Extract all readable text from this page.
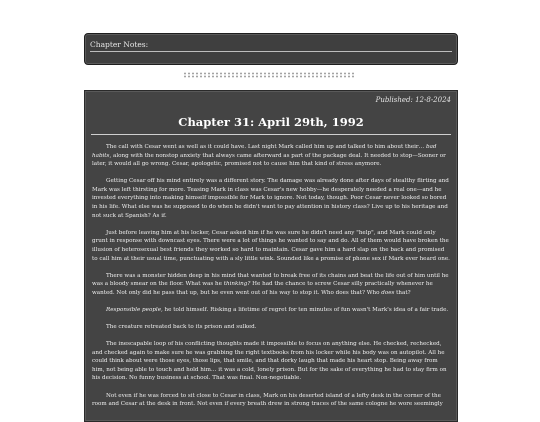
Chapter Notes:
Published: 12-8-2024
Chapter 31: April 29th, 1992

The call with Cesar went as well as it could have. Last night Mark called him up and talked to him about their… bad habits, along with the nonstop anxiety that always came afterward as part of the package deal. It needed to stop—Sooner or later, it would all go wrong. Cesar, apologetic, promised not to cause him that kind of stress anymore.

Getting Cesar off his mind entirely was a different story. The damage was already done after days of stealthy flirting and Mark was left thirsting for more. Teasing Mark in class was Cesar's new hobby—he desperately needed a real one—and he invested everything into making himself impossible for Mark to ignore. Not today, though. Poor Cesar never looked so bored in his life. What else was he supposed to do when he didn't want to pay attention in history class? Live up to his heritage and not suck at Spanish? As if.

Just before leaving him at his locker, Cesar asked him if he was sure he didn't need any "help", and Mark could only grunt in response with downcast eyes. There were a lot of things he wanted to say and do. All of them would have broken the illusion of heterosexual best friends they worked so hard to maintain. Cesar gave him a hard slap on the back and promised to call him at their usual time, punctuating with a sly little wink. Sounded like a promise of phone sex if Mark ever heard one.

There was a monster hidden deep in his mind that wanted to break free of its chains and beat the life out of him until he was a bloody smear on the floor. What was he thinking? He had the chance to screw Cesar silly practically whenever he wanted. Not only did he pass that up, but he even went out of his way to stop it. Who does that? Who does that?

Responsible people, he told himself. Risking a lifetime of regret for ten minutes of fun wasn't Mark's idea of a fair trade.

The creature retreated back to its prison and sulked.

The inescapable loop of his conflicting thoughts made it impossible to focus on anything else. He checked, rechecked, and checked again to make sure he was grabbing the right textbooks from his locker while his body was on autopilot. All he could think about were those eyes, those lips, that smile, and that dorky laugh that made his heart stop. Being away from him, not being able to touch and hold him… it was a cold, lonely prison. But for the sake of everything he had to stay firm on his decision. No funny business at school. That was final. Non-negotiable.

Not even if he was forced to sit close to Cesar in class, Mark on his deserted island of a lefty desk in the corner of the room and Cesar at the desk in front. Not even if every breath drew in strong traces of the same cologne he wore seemingly
